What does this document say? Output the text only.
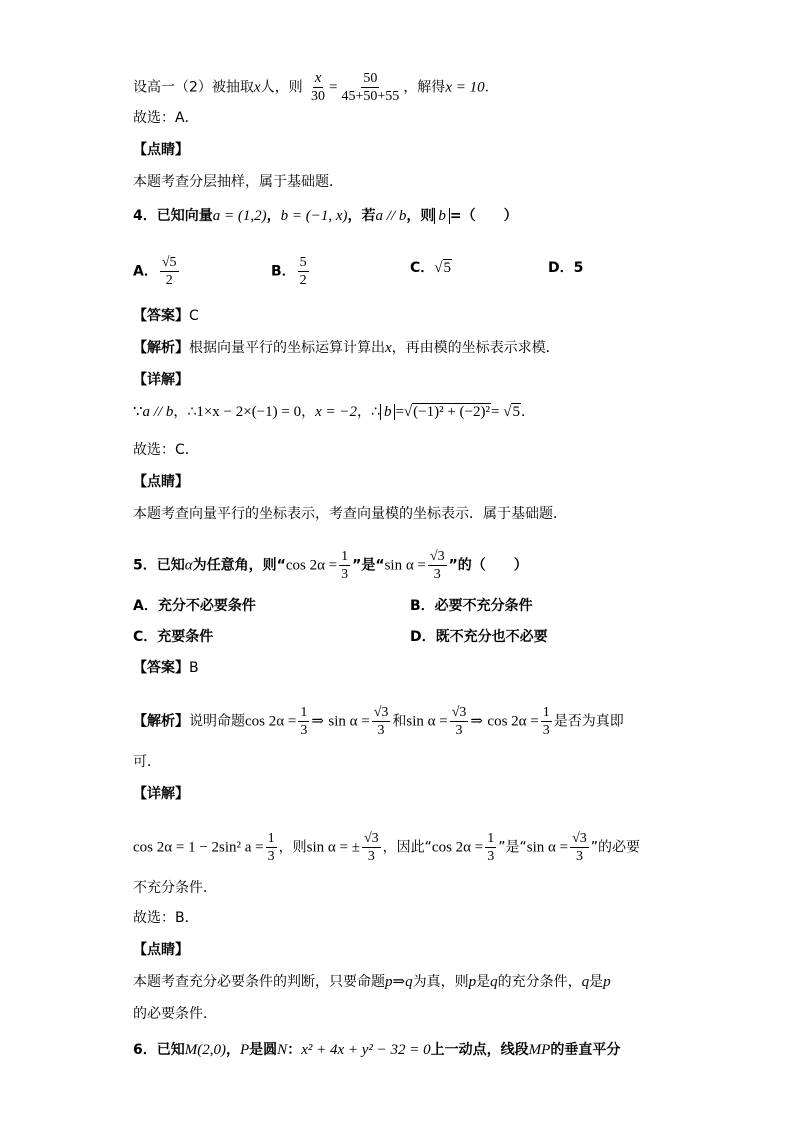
设高一（2）被抽取x人，则 $\frac{x}{30} = \frac{50}{45+50+55}$ ，解得x = 10．
故选：A．
【点睛】
本题考查分层抽样，属于基础题．
4．已知向量a = (1,2)，b = (−1, x)，若a // b，则 b =（　　）
A． $\frac{√5}{2}$	B． $\frac{5}{2}$	C．√5	D．5
【答案】C
【解析】根据向量平行的坐标运算计算出x，再由模的坐标表示求模．
【详解】
∵a // b，∴1×x − 2×(−1) = 0，x = −2，∴ b =√(−1)² + (−2)²= √5．
故选：C．
【点睛】
本题考查向量平行的坐标表示，考查向量模的坐标表示．属于基础题．
5．已知α为任意角，则“cos $2\alpha = \frac{1}{3}$ ”是“sin $\alpha = \frac{√3}{3}$ ”的（　　）
A．充分不必要条件	B．必要不充分条件
C．充要条件	D．既不充分也不必要
【答案】B
【解析】说明命题$\cos 2\alpha = \frac{1}{3}$ ⇒ $\sin \alpha = \frac{√3}{3}$ 和$\sin \alpha = \frac{√3}{3}$ ⇒ $\cos 2\alpha = \frac{1}{3}$ 是否为真即
可．
【详解】
cos 2α = 1 − 2sin² $a = \frac{1}{3}$ ，则sin α = ± $\frac{√3}{3}$ ，因此“cos $2\alpha = \frac{1}{3}$ ”是“sin $\alpha = \frac{√3}{3}$ ”的必要
不充分条件．
故选：B．
【点睛】
本题考查充分必要条件的判断，只要命题p⇒q为真，则p是q的充分条件，q是p
的必要条件．
6．已知M(2,0)，P是圆N：x² + 4x + y² − 32 = 0上一动点，线段MP的垂直平分
